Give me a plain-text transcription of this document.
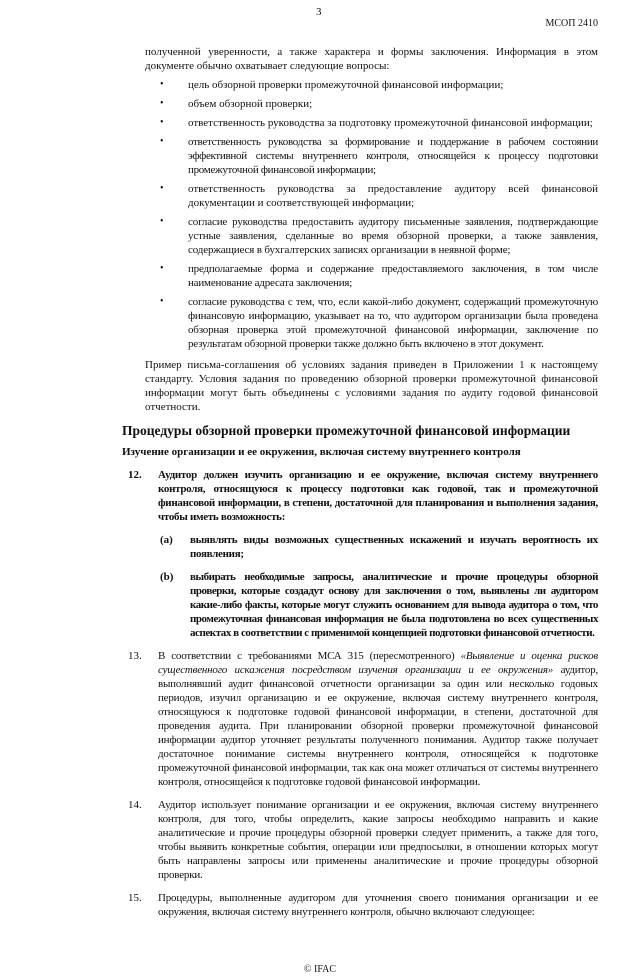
3
МСОП 2410
полученной уверенности, а также характера и формы заключения. Информация в этом документе обычно охватывает следующие вопросы:
•	цель обзорной проверки промежуточной финансовой информации;
•	объем обзорной проверки;
•	ответственность руководства за подготовку промежуточной финансовой информации;
•	ответственность руководства за формирование и поддержание в рабочем состоянии эффективной системы внутреннего контроля, относящейся к процессу подготовки промежуточной финансовой информации;
•	ответственность руководства за предоставление аудитору всей финансовой документации и соответствующей информации;
•	согласие руководства предоставить аудитору письменные заявления, подтверждающие устные заявления, сделанные во время обзорной проверки, а также заявления, содержащиеся в бухгалтерских записях организации в неявной форме;
•	предполагаемые форма и содержание предоставляемого заключения, в том числе наименование адресата заключения;
•	согласие руководства с тем, что, если какой-либо документ, содержащий промежуточную финансовую информацию, указывает на то, что аудитором организации была проведена обзорная проверка этой промежуточной финансовой информации, заключение по результатам обзорной проверки также должно быть включено в этот документ.
Пример письма-соглашения об условиях задания приведен в Приложении 1 к настоящему стандарту. Условия задания по проведению обзорной проверки промежуточной финансовой информации могут быть объединены с условиями задания по аудиту годовой финансовой отчетности.
Процедуры обзорной проверки промежуточной финансовой информации
Изучение организации и ее окружения, включая систему внутреннего контроля
12.	Аудитор должен изучить организацию и ее окружение, включая систему внутреннего контроля, относящуюся к процессу подготовки как годовой, так и промежуточной финансовой информации, в степени, достаточной для планирования и выполнения задания, чтобы иметь возможность:
(a)	выявлять виды возможных существенных искажений и изучать вероятность их появления;
(b)	выбирать необходимые запросы, аналитические и прочие процедуры обзорной проверки, которые создадут основу для заключения о том, выявлены ли аудитором какие-либо факты, которые могут служить основанием для вывода аудитора о том, что промежуточная финансовая информация не была подготовлена во всех существенных аспектах в соответствии с применимой концепцией подготовки финансовой отчетности.
13.	В соответствии с требованиями МСА 315 (пересмотренного) «Выявление и оценка рисков существенного искажения посредством изучения организации и ее окружения» аудитор, выполнявший аудит финансовой отчетности организации за один или несколько годовых периодов, изучил организацию и ее окружение, включая систему внутреннего контроля, относящуюся к подготовке годовой финансовой информации, в степени, достаточной для проведения аудита. При планировании обзорной проверки промежуточной финансовой информации аудитор уточняет результаты полученного понимания. Аудитор также получает достаточное понимание системы внутреннего контроля, относящейся к подготовке промежуточной финансовой информации, так как она может отличаться от системы внутреннего контроля, относящейся к подготовке годовой финансовой информации.
14.	Аудитор использует понимание организации и ее окружения, включая систему внутреннего контроля, для того, чтобы определить, какие запросы необходимо направить и какие аналитические и прочие процедуры обзорной проверки следует применить, а также для того, чтобы выявить конкретные события, операции или предпосылки, в отношении которых могут быть направлены запросы или применены аналитические и прочие процедуры обзорной проверки.
15.	Процедуры, выполненные аудитором для уточнения своего понимания организации и ее окружения, включая систему внутреннего контроля, обычно включают следующее:
© IFAC
